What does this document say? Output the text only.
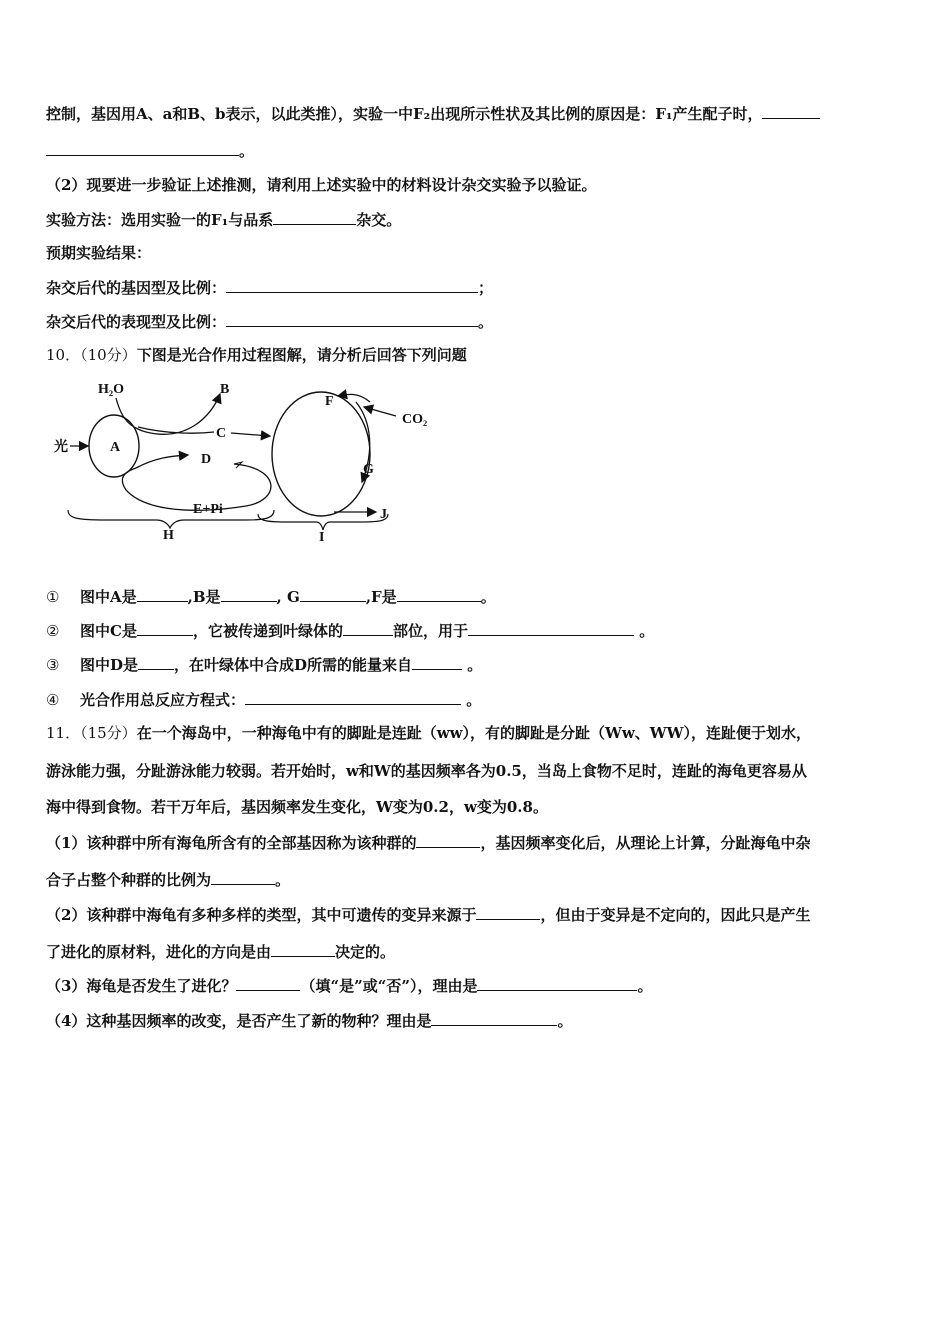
控制，基因用A、a和B、b表示，以此类推），实验一中F₂出现所示性状及其比例的原因是：F₁产生配子时，
。
（2）现要进一步验证上述推测，请利用上述实验中的材料设计杂交实验予以验证。
实验方法：选用实验一的F₁与品系	杂交。
预期实验结果：
杂交后代的基因型及比例：	；
杂交后代的表现型及比例：	。
10．（10分）下图是光合作用过程图解，请分析后回答下列问题
H₂O	B
光	A
C
D
E+Pi
H
F
CO₂
G
J
I
① 图中A是	,B是	, G	,F是	。
② 图中C是	，它被传递到叶绿体的	部位，用于	。
③ 图中D是 ，在叶绿体中合成D所需的能量来自	。
④ 光合作用总反应方程式：	。
11．（15分）在一个海岛中，一种海龟中有的脚趾是连趾（ww），有的脚趾是分趾（Ww、WW），连趾便于划水，
游泳能力强，分趾游泳能力较弱。若开始时，w和W的基因频率各为0.5，当岛上食物不足时，连趾的海龟更容易从
海中得到食物。若干万年后，基因频率发生变化，W变为0.2，w变为0.8。
（1）该种群中所有海龟所含有的全部基因称为该种群的	，基因频率变化后，从理论上计算，分趾海龟中杂
合子占整个种群的比例为	。
（2）该种群中海龟有多种多样的类型，其中可遗传的变异来源于	，但由于变异是不定向的，因此只是产生
了进化的原材料，进化的方向是由	决定的。
（3）海龟是否发生了进化？	（填“是”或“否”），理由是	。
（4）这种基因频率的改变，是否产生了新的物种？理由是	。
